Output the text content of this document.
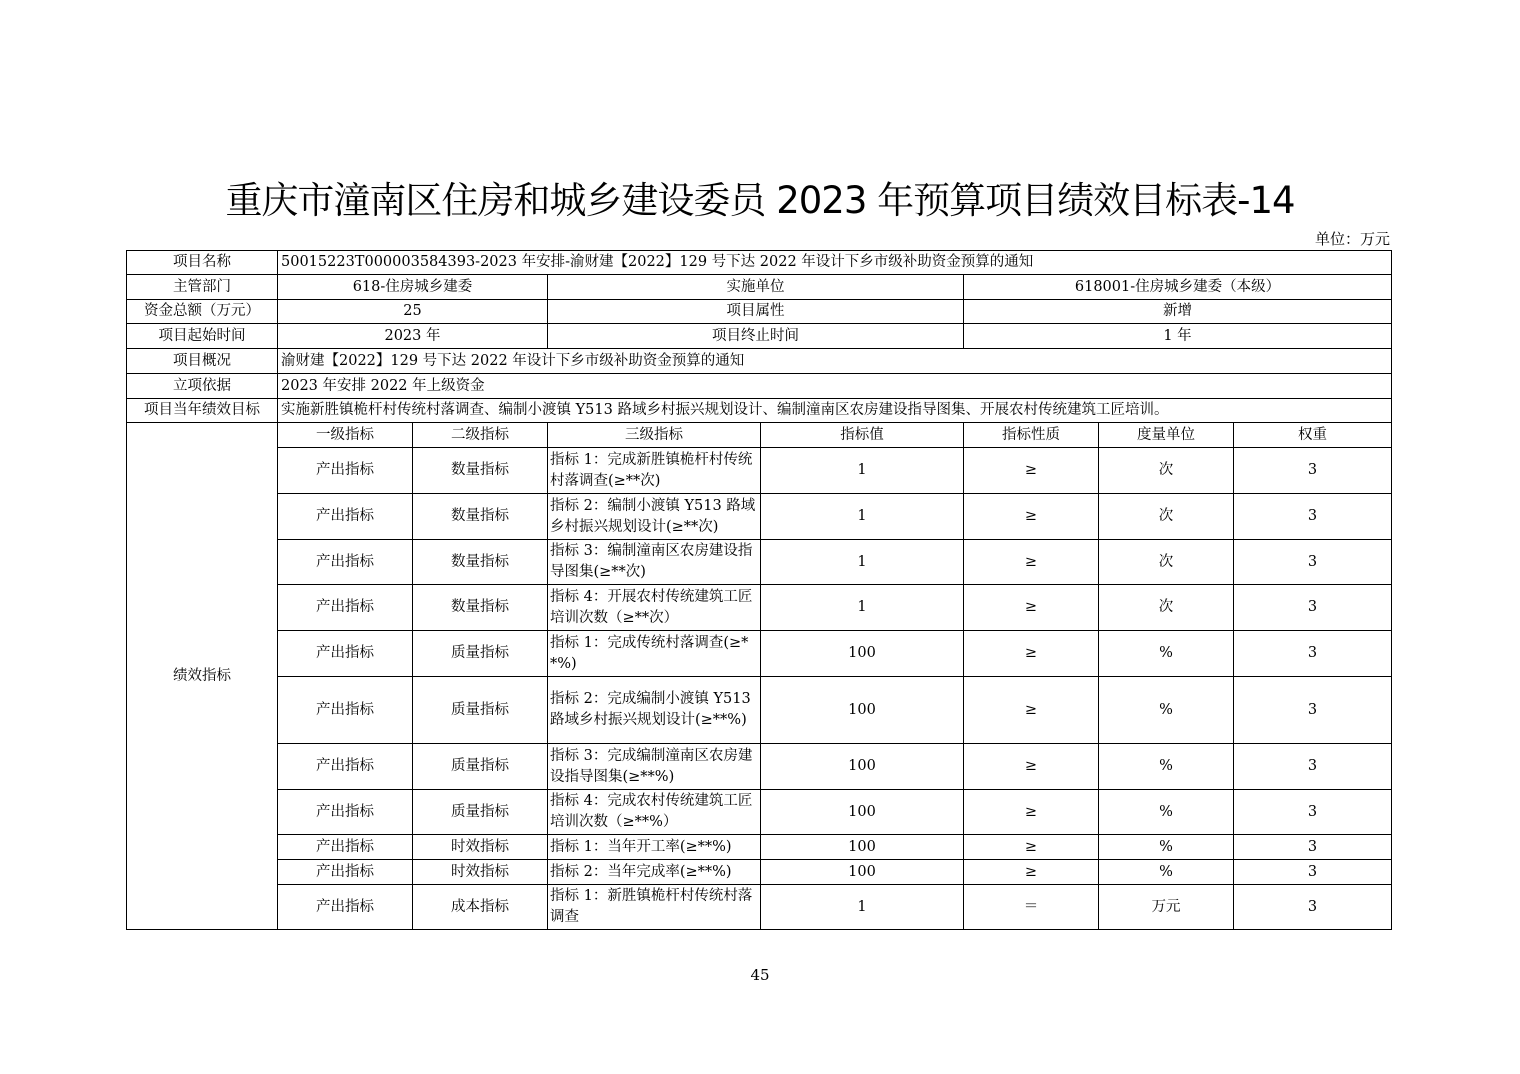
重庆市潼南区住房和城乡建设委员 2023 年预算项目绩效目标表-14
单位：万元
项目名称	50015223T000003584393-2023 年安排-渝财建【2022】129 号下达 2022 年设计下乡市级补助资金预算的通知						
主管部门	618-住房城乡建委		实施单位		618001-住房城乡建委（本级）		
资金总额（万元）	25		项目属性		新增		
项目起始时间	2023 年		项目终止时间		1 年		
项目概况	渝财建【2022】129 号下达 2022 年设计下乡市级补助资金预算的通知						
立项依据	2023 年安排 2022 年上级资金						
项目当年绩效目标	实施新胜镇桅杆村传统村落调查、编制小渡镇 Y513 路域乡村振兴规划设计、编制潼南区农房建设指导图集、开展农村传统建筑工匠培训。						
绩效指标	一级指标	二级指标	三级指标	指标值	指标性质	度量单位	权重
	产出指标	数量指标	指标 1：完成新胜镇桅杆村传统村落调查(≥**次)	1	≥	次	3
	产出指标	数量指标	指标 2：编制小渡镇 Y513 路域乡村振兴规划设计(≥**次)	1	≥	次	3
	产出指标	数量指标	指标 3：编制潼南区农房建设指导图集(≥**次)	1	≥	次	3
	产出指标	数量指标	指标 4：开展农村传统建筑工匠培训次数（≥**次）	1	≥	次	3
	产出指标	质量指标	指标 1：完成传统村落调查(≥**%)	100	≥	%	3
	产出指标	质量指标	指标 2：完成编制小渡镇 Y513 路域乡村振兴规划设计(≥**%)	100	≥	%	3
	产出指标	质量指标	指标 3：完成编制潼南区农房建设指导图集(≥**%)	100	≥	%	3
	产出指标	质量指标	指标 4：完成农村传统建筑工匠培训次数（≥**%）	100	≥	%	3
	产出指标	时效指标	指标 1：当年开工率(≥**%)	100	≥	%	3
	产出指标	时效指标	指标 2：当年完成率(≥**%)	100	≥	%	3
	产出指标	成本指标	指标 1：新胜镇桅杆村传统村落调查	1	＝	万元	3
45
